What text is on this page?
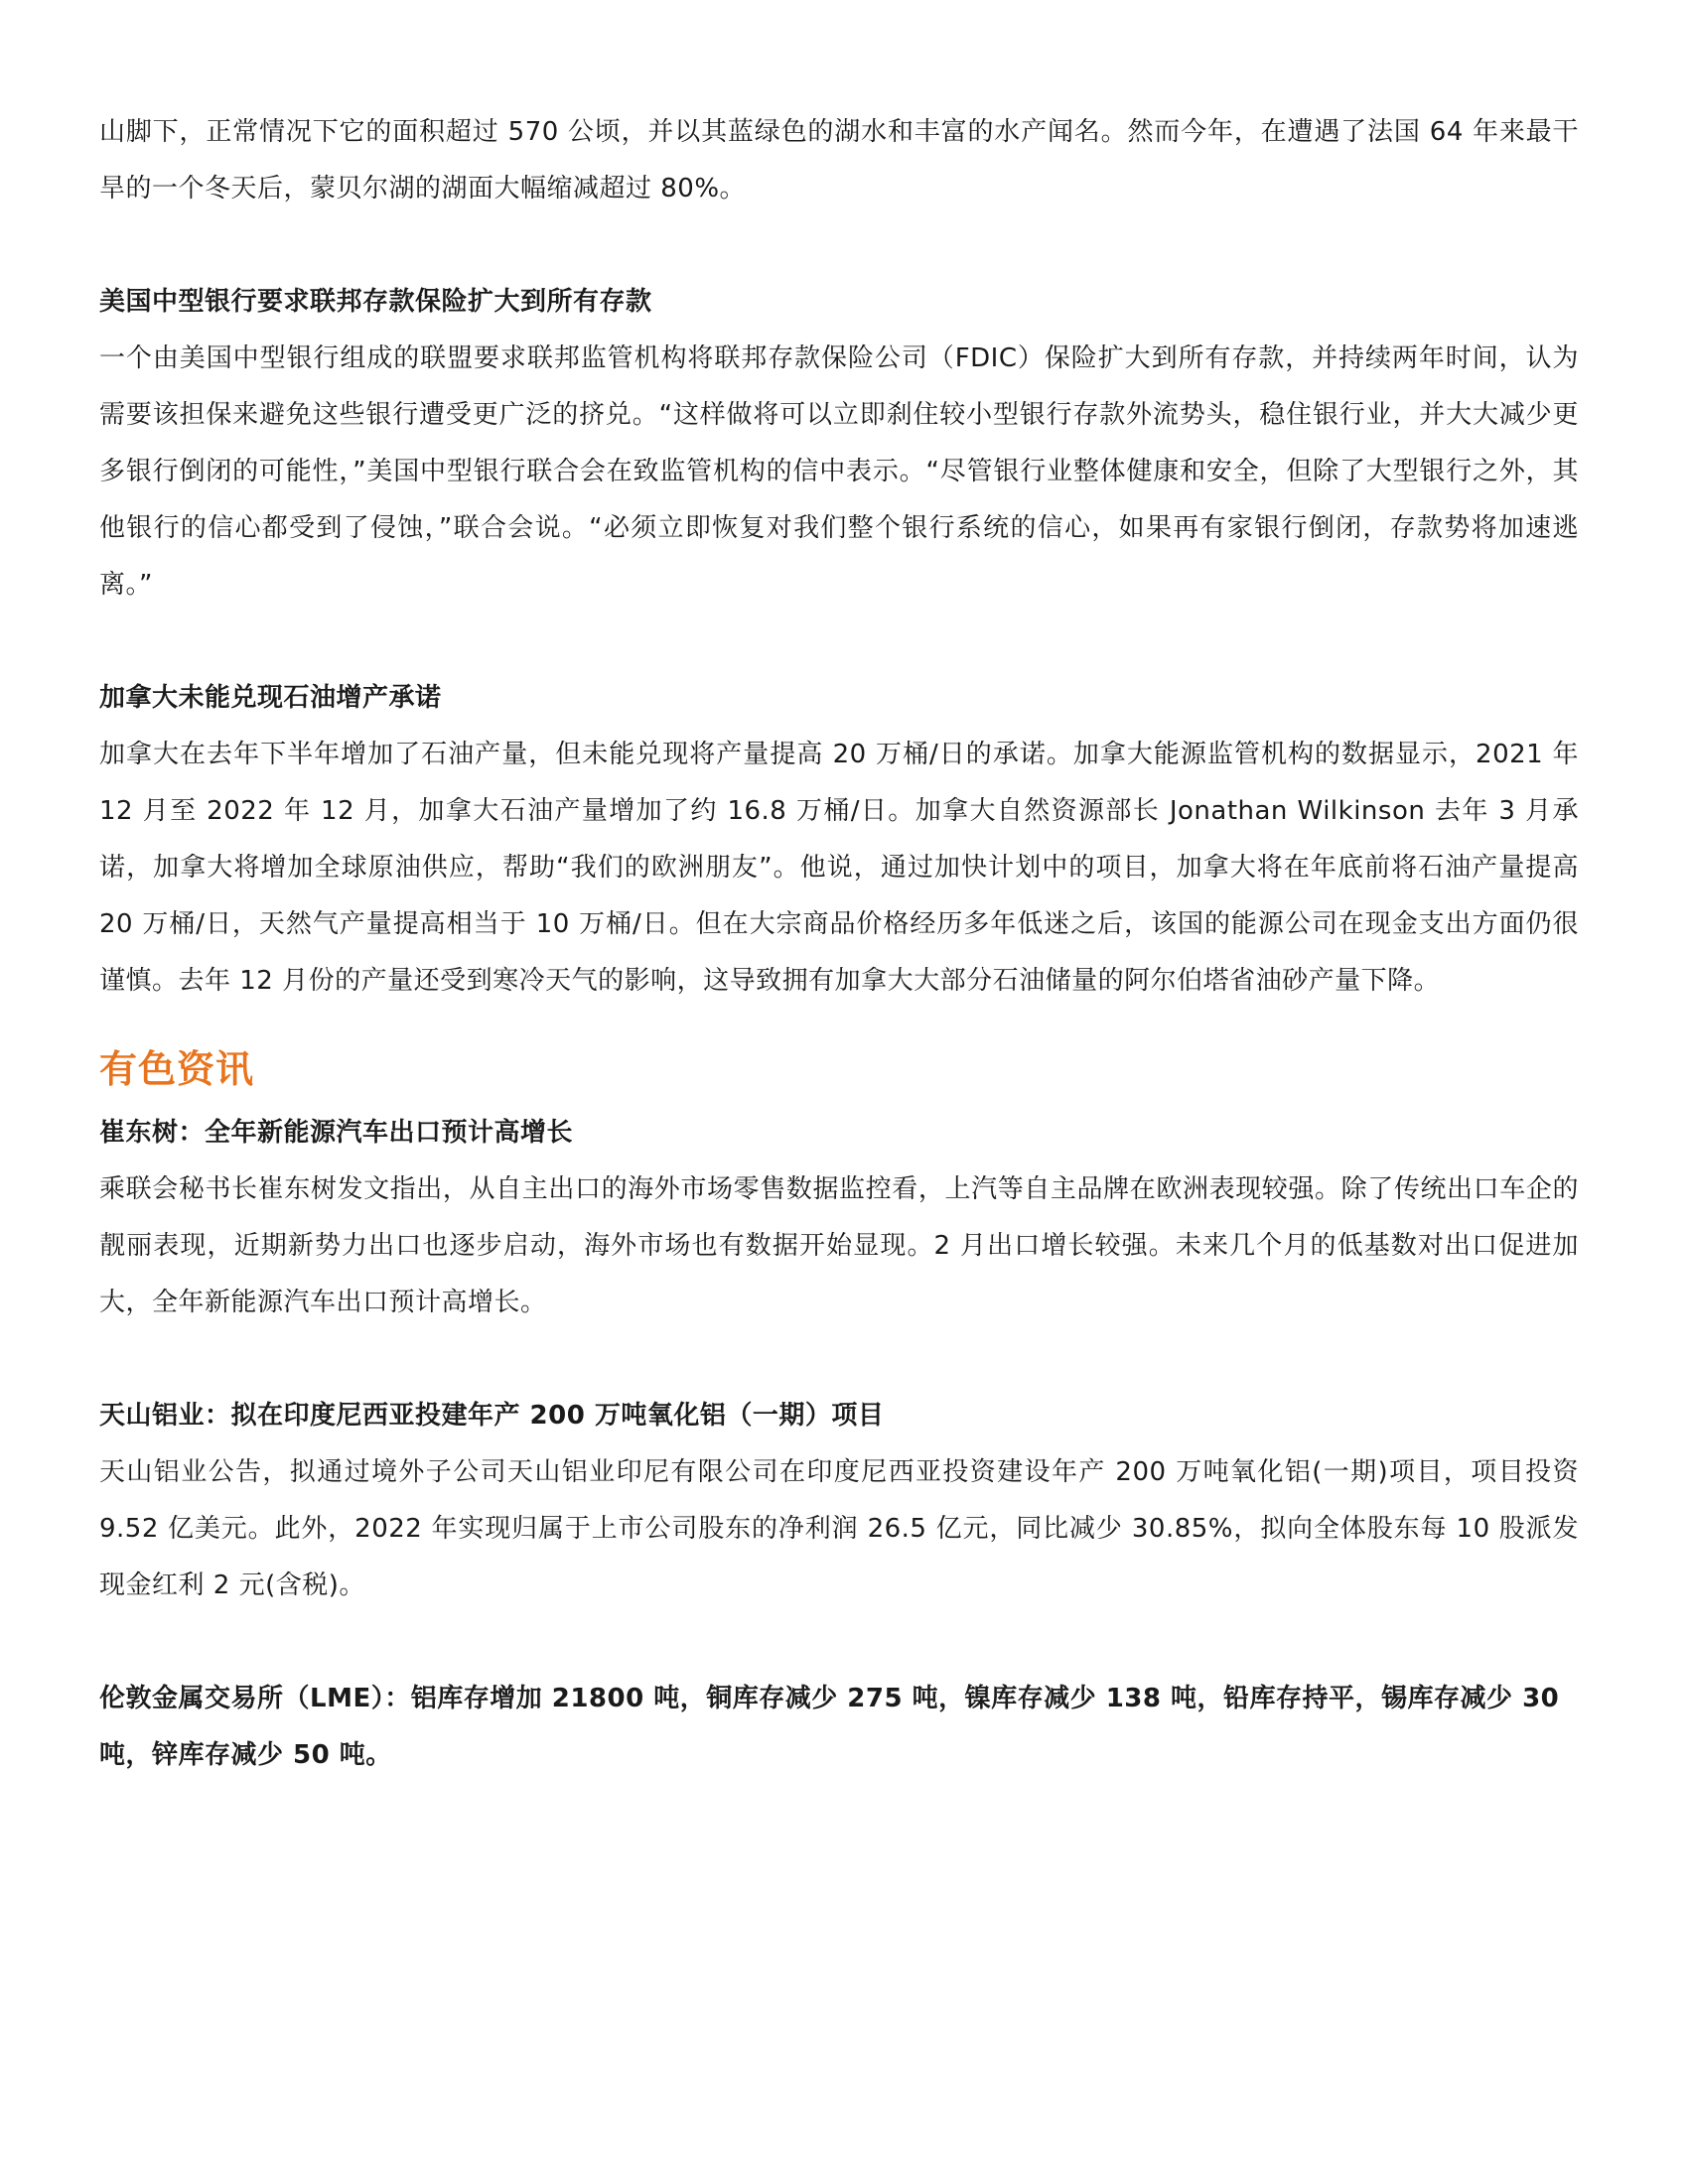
山脚下，正常情况下它的面积超过 570 公顷，并以其蓝绿色的湖水和丰富的水产闻名。然而今年，在遭遇了法国 64 年来最干旱的一个冬天后，蒙贝尔湖的湖面大幅缩减超过 80%。

美国中型银行要求联邦存款保险扩大到所有存款

一个由美国中型银行组成的联盟要求联邦监管机构将联邦存款保险公司（FDIC）保险扩大到所有存款，并持续两年时间，认为需要该担保来避免这些银行遭受更广泛的挤兑。“这样做将可以立即刹住较小型银行存款外流势头，稳住银行业，并大大减少更多银行倒闭的可能性，”美国中型银行联合会在致监管机构的信中表示。“尽管银行业整体健康和安全，但除了大型银行之外，其他银行的信心都受到了侵蚀，”联合会说。“必须立即恢复对我们整个银行系统的信心，如果再有家银行倒闭，存款势将加速逃离。”

加拿大未能兑现石油增产承诺

加拿大在去年下半年增加了石油产量，但未能兑现将产量提高 20 万桶/日的承诺。加拿大能源监管机构的数据显示，2021 年 12 月至 2022 年 12 月，加拿大石油产量增加了约 16.8 万桶/日。加拿大自然资源部长 Jonathan Wilkinson 去年 3 月承诺，加拿大将增加全球原油供应，帮助“我们的欧洲朋友”。他说，通过加快计划中的项目，加拿大将在年底前将石油产量提高 20 万桶/日，天然气产量提高相当于 10 万桶/日。但在大宗商品价格经历多年低迷之后，该国的能源公司在现金支出方面仍很谨慎。去年 12 月份的产量还受到寒冷天气的影响，这导致拥有加拿大大部分石油储量的阿尔伯塔省油砂产量下降。

有色资讯

崔东树：全年新能源汽车出口预计高增长

乘联会秘书长崔东树发文指出，从自主出口的海外市场零售数据监控看，上汽等自主品牌在欧洲表现较强。除了传统出口车企的靓丽表现，近期新势力出口也逐步启动，海外市场也有数据开始显现。2 月出口增长较强。未来几个月的低基数对出口促进加大，全年新能源汽车出口预计高增长。

天山铝业：拟在印度尼西亚投建年产 200 万吨氧化铝（一期）项目

天山铝业公告，拟通过境外子公司天山铝业印尼有限公司在印度尼西亚投资建设年产 200 万吨氧化铝(一期)项目，项目投资 9.52 亿美元。此外，2022 年实现归属于上市公司股东的净利润 26.5 亿元，同比减少 30.85%，拟向全体股东每 10 股派发现金红利 2 元(含税)。

伦敦金属交易所（LME）：铝库存增加 21800 吨，铜库存减少 275 吨，镍库存减少 138 吨，铅库存持平，锡库存减少 30 吨，锌库存减少 50 吨。
